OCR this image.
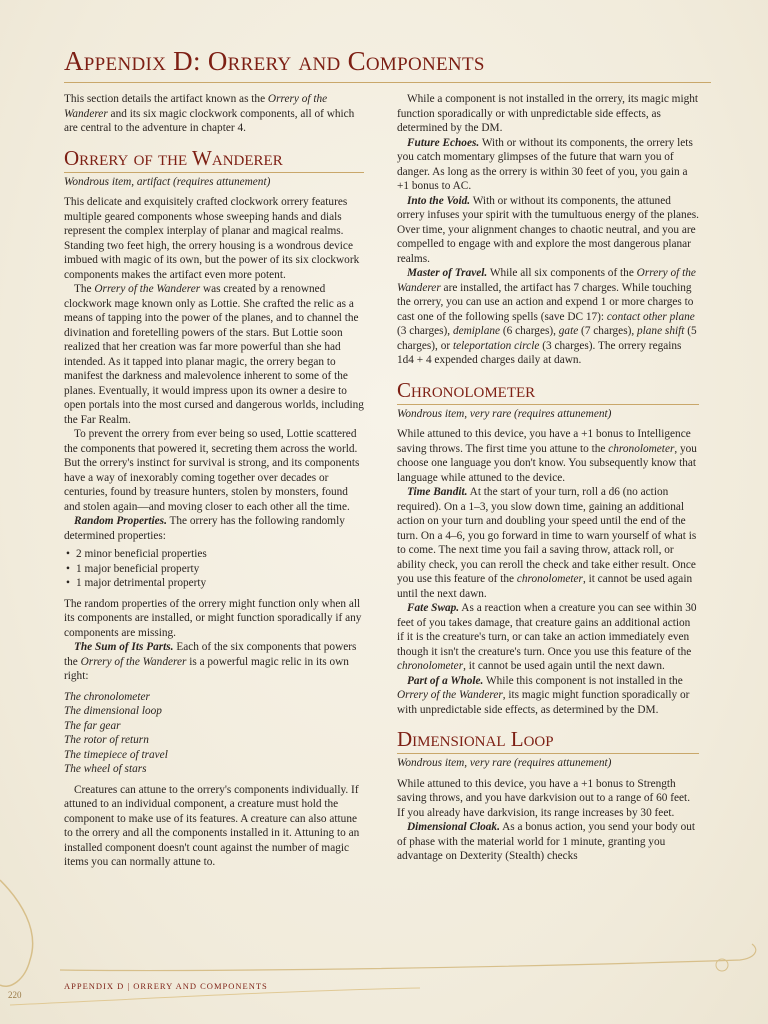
Appendix D: Orrery and Components

This section details the artifact known as the Orrery of the Wanderer and its six magic clockwork components, all of which are central to the adventure in chapter 4.

Orrery of the Wanderer
Wondrous item, artifact (requires attunement)

This delicate and exquisitely crafted clockwork orrery features multiple geared components whose sweeping hands and dials represent the complex interplay of planar and magical realms. Standing two feet high, the orrery housing is a wondrous device imbued with magic of its own, but the power of its six clockwork components makes the artifact even more potent.

The Orrery of the Wanderer was created by a renowned clockwork mage known only as Lottie. She crafted the relic as a means of tapping into the power of the planes, and to channel the divination and foretelling powers of the stars. But Lottie soon realized that her creation was far more powerful than she had intended. As it tapped into planar magic, the orrery began to manifest the darkness and malevolence inherent to some of the planes. Eventually, it would impress upon its owner a desire to open portals into the most cursed and dangerous worlds, including the Far Realm.

To prevent the orrery from ever being so used, Lottie scattered the components that powered it, secreting them across the world. But the orrery's instinct for survival is strong, and its components have a way of inexorably coming together over decades or centuries, found by treasure hunters, stolen by monsters, found and stolen again—and moving closer to each other all the time.

Random Properties. The orrery has the following randomly determined properties:

• 2 minor beneficial properties
• 1 major beneficial property
• 1 major detrimental property

The random properties of the orrery might function only when all its components are installed, or might function sporadically if any components are missing.

The Sum of Its Parts. Each of the six components that powers the Orrery of the Wanderer is a powerful magic relic in its own right:

The chronolometer
The dimensional loop
The far gear
The rotor of return
The timepiece of travel
The wheel of stars

Creatures can attune to the orrery's components individually. If attuned to an individual component, a creature must hold the component to make use of its features. A creature can also attune to the orrery and all the components installed in it. Attuning to an installed component doesn't count against the number of magic items you can normally attune to.

While a component is not installed in the orrery, its magic might function sporadically or with unpredictable side effects, as determined by the DM.

Future Echoes. With or without its components, the orrery lets you catch momentary glimpses of the future that warn you of danger. As long as the orrery is within 30 feet of you, you gain a +1 bonus to AC.

Into the Void. With or without its components, the attuned orrery infuses your spirit with the tumultuous energy of the planes. Over time, your alignment changes to chaotic neutral, and you are compelled to engage with and explore the most dangerous planar realms.

Master of Travel. While all six components of the Orrery of the Wanderer are installed, the artifact has 7 charges. While touching the orrery, you can use an action and expend 1 or more charges to cast one of the following spells (save DC 17): contact other plane (3 charges), demiplane (6 charges), gate (7 charges), plane shift (5 charges), or teleportation circle (3 charges). The orrery regains 1d4 + 4 expended charges daily at dawn.

Chronolometer
Wondrous item, very rare (requires attunement)

While attuned to this device, you have a +1 bonus to Intelligence saving throws. The first time you attune to the chronolometer, you choose one language you don't know. You subsequently know that language while attuned to the device.

Time Bandit. At the start of your turn, roll a d6 (no action required). On a 1–3, you slow down time, gaining an additional action on your turn and doubling your speed until the end of the turn. On a 4–6, you go forward in time to warn yourself of what is to come. The next time you fail a saving throw, attack roll, or ability check, you can reroll the check and take either result. Once you use this feature of the chronolometer, it cannot be used again until the next dawn.

Fate Swap. As a reaction when a creature you can see within 30 feet of you takes damage, that creature gains an additional action if it is the creature's turn, or can take an action immediately even though it isn't the creature's turn. Once you use this feature of the chronolometer, it cannot be used again until the next dawn.

Part of a Whole. While this component is not installed in the Orrery of the Wanderer, its magic might function sporadically or with unpredictable side effects, as determined by the DM.

Dimensional Loop
Wondrous item, very rare (requires attunement)

While attuned to this device, you have a +1 bonus to Strength saving throws, and you have darkvision out to a range of 60 feet. If you already have darkvision, its range increases by 30 feet.

Dimensional Cloak. As a bonus action, you send your body out of phase with the material world for 1 minute, granting you advantage on Dexterity (Stealth) checks

APPENDIX D | ORRERY AND COMPONENTS
220
